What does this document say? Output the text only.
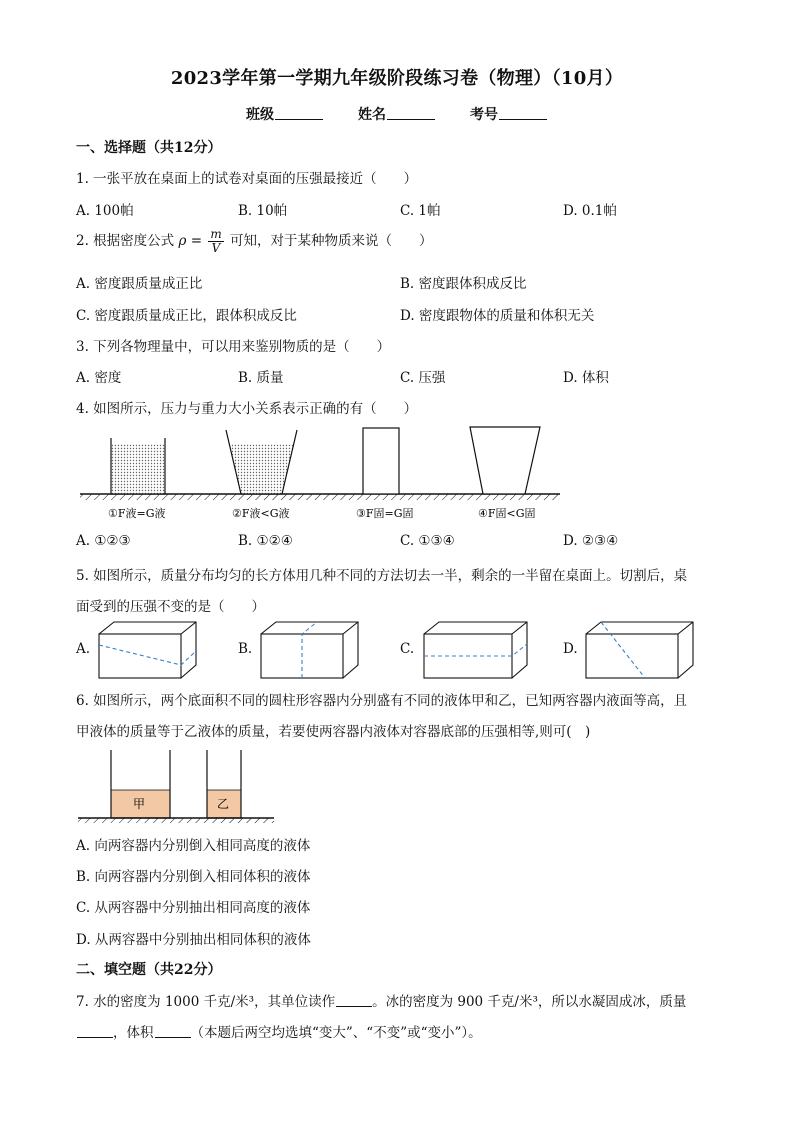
2023学年第一学期九年级阶段练习卷（物理）（10月）
班级	姓名	考号
一、选择题（共12分）
1. 一张平放在桌面上的试卷对桌面的压强最接近（　　）
A. 100帕	B. 10帕	C. 1帕	D. 0.1帕
2. 根据密度公式 $\rho = \frac{m}{V}$ 可知，对于某种物质来说（　　）
A. 密度跟质量成正比	B. 密度跟体积成反比
C. 密度跟质量成正比，跟体积成反比	D. 密度跟物体的质量和体积无关
3. 下列各物理量中，可以用来鉴别物质的是（　　）
A. 密度	B. 质量	C. 压强	D. 体积
4. 如图所示，压力与重力大小关系表示正确的有（　　）
①F液=G液	②F液<G液	③F固=G固	④F固<G固
A. ①②③	B. ①②④	C. ①③④	D. ②③④
5. 如图所示，质量分布均匀的长方体用几种不同的方法切去一半，剩余的一半留在桌面上。切割后，桌
面受到的压强不变的是（　　）
A.	B.	C.	D.
6. 如图所示，两个底面积不同的圆柱形容器内分别盛有不同的液体甲和乙，已知两容器内液面等高，且
甲液体的质量等于乙液体的质量，若要使两容器内液体对容器底部的压强相等,则可(　)
甲	乙
A. 向两容器内分别倒入相同高度的液体
B. 向两容器内分别倒入相同体积的液体
C. 从两容器中分别抽出相同高度的液体
D. 从两容器中分别抽出相同体积的液体
二、填空题（共22分）
7. 水的密度为 1000 千克/米³，其单位读作	。冰的密度为 900 千克/米³，所以水凝固成冰，质量
，体积	（本题后两空均选填“变大”、“不变”或“变小”）。
